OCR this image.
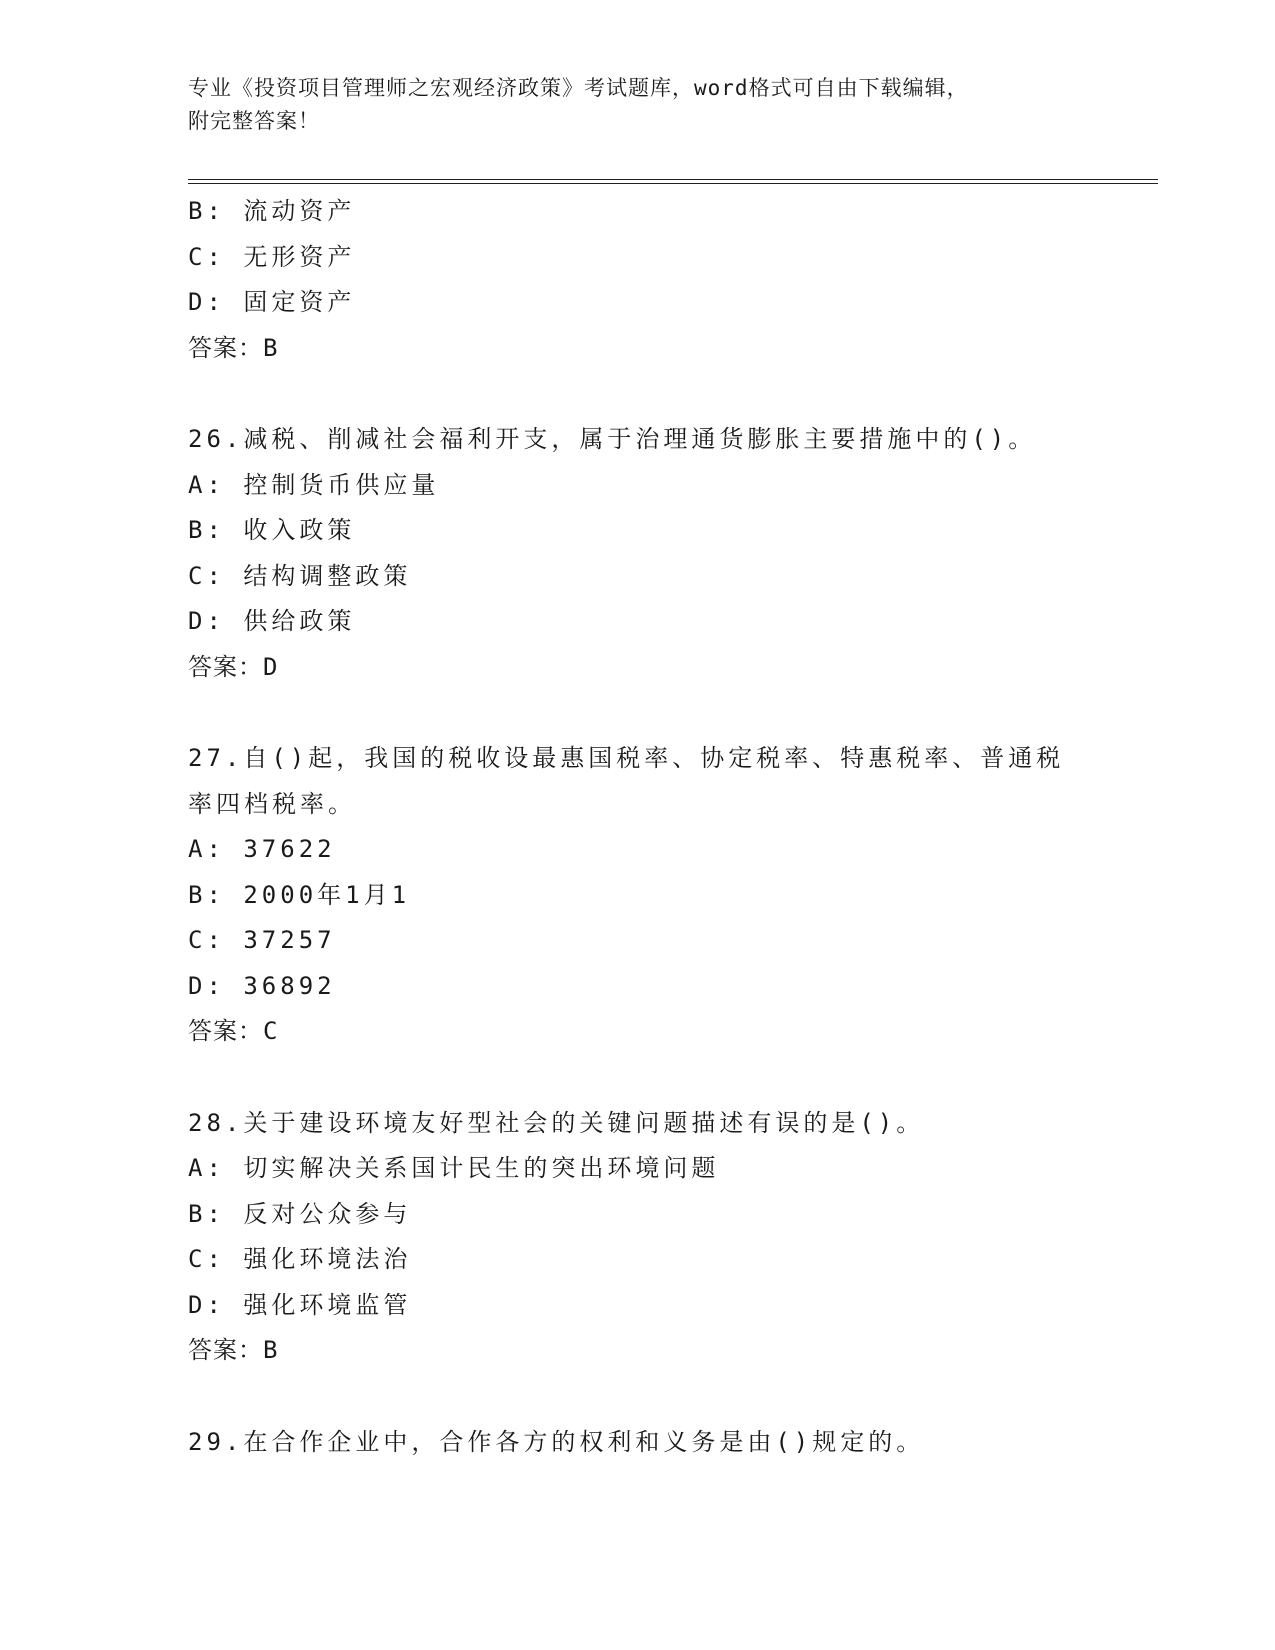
专业《投资项目管理师之宏观经济政策》考试题库，word格式可自由下载编辑，
附完整答案！
B: 流动资产
C: 无形资产
D: 固定资产
答案：B
26.减税、削减社会福利开支，属于治理通货膨胀主要措施中的()。
A: 控制货币供应量
B: 收入政策
C: 结构调整政策
D: 供给政策
答案：D
27.自()起，我国的税收设最惠国税率、协定税率、特惠税率、普通税
率四档税率。
A: 37622
B: 2000年1月1
C: 37257
D: 36892
答案：C
28.关于建设环境友好型社会的关键问题描述有误的是()。
A: 切实解决关系国计民生的突出环境问题
B: 反对公众参与
C: 强化环境法治
D: 强化环境监管
答案：B
29.在合作企业中，合作各方的权利和义务是由()规定的。
